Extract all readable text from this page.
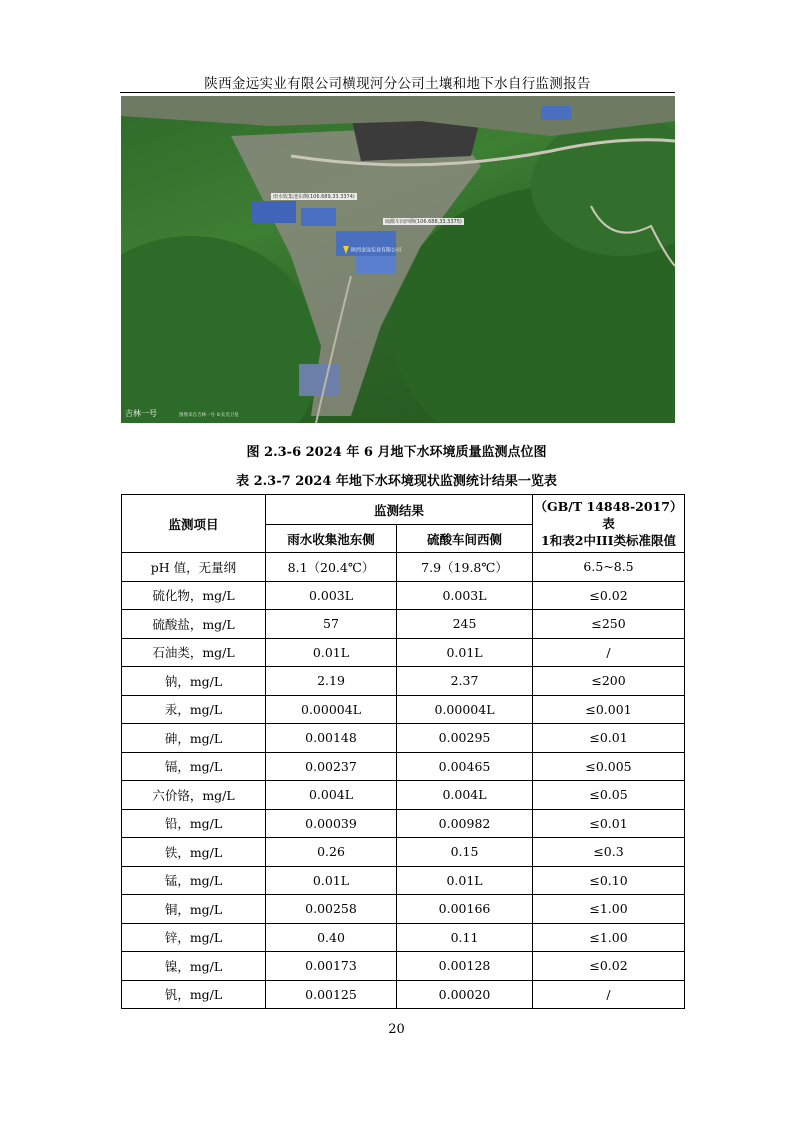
陕西金远实业有限公司横现河分公司土壤和地下水自行监测报告
雨水收集池东侧(106.689,33.3374)
硫酸车间西侧(106.688,33.3375)
陕西金远实业有限公司
吉林一号	图像来自吉林一号 ©长光卫星
图 2.3-6 2024 年 6 月地下水环境质量监测点位图
表 2.3-7 2024 年地下水环境现状监测统计结果一览表
监测项目	监测结果		（GB/T 14848-2017）表
1和表2中III类标准限值

	雨水收集池东侧	硫酸车间西侧	
pH 值，无量纲	8.1（20.4℃）	7.9（19.8℃）	6.5~8.5
硫化物，mg/L	0.003L	0.003L	≤0.02
硫酸盐，mg/L	57	245	≤250
石油类，mg/L	0.01L	0.01L	/
钠，mg/L	2.19	2.37	≤200
汞，mg/L	0.00004L	0.00004L	≤0.001
砷，mg/L	0.00148	0.00295	≤0.01
镉，mg/L	0.00237	0.00465	≤0.005
六价铬，mg/L	0.004L	0.004L	≤0.05
铅，mg/L	0.00039	0.00982	≤0.01
铁，mg/L	0.26	0.15	≤0.3
锰，mg/L	0.01L	0.01L	≤0.10
铜，mg/L	0.00258	0.00166	≤1.00
锌，mg/L	0.40	0.11	≤1.00
镍，mg/L	0.00173	0.00128	≤0.02
钒，mg/L	0.00125	0.00020	/
20
